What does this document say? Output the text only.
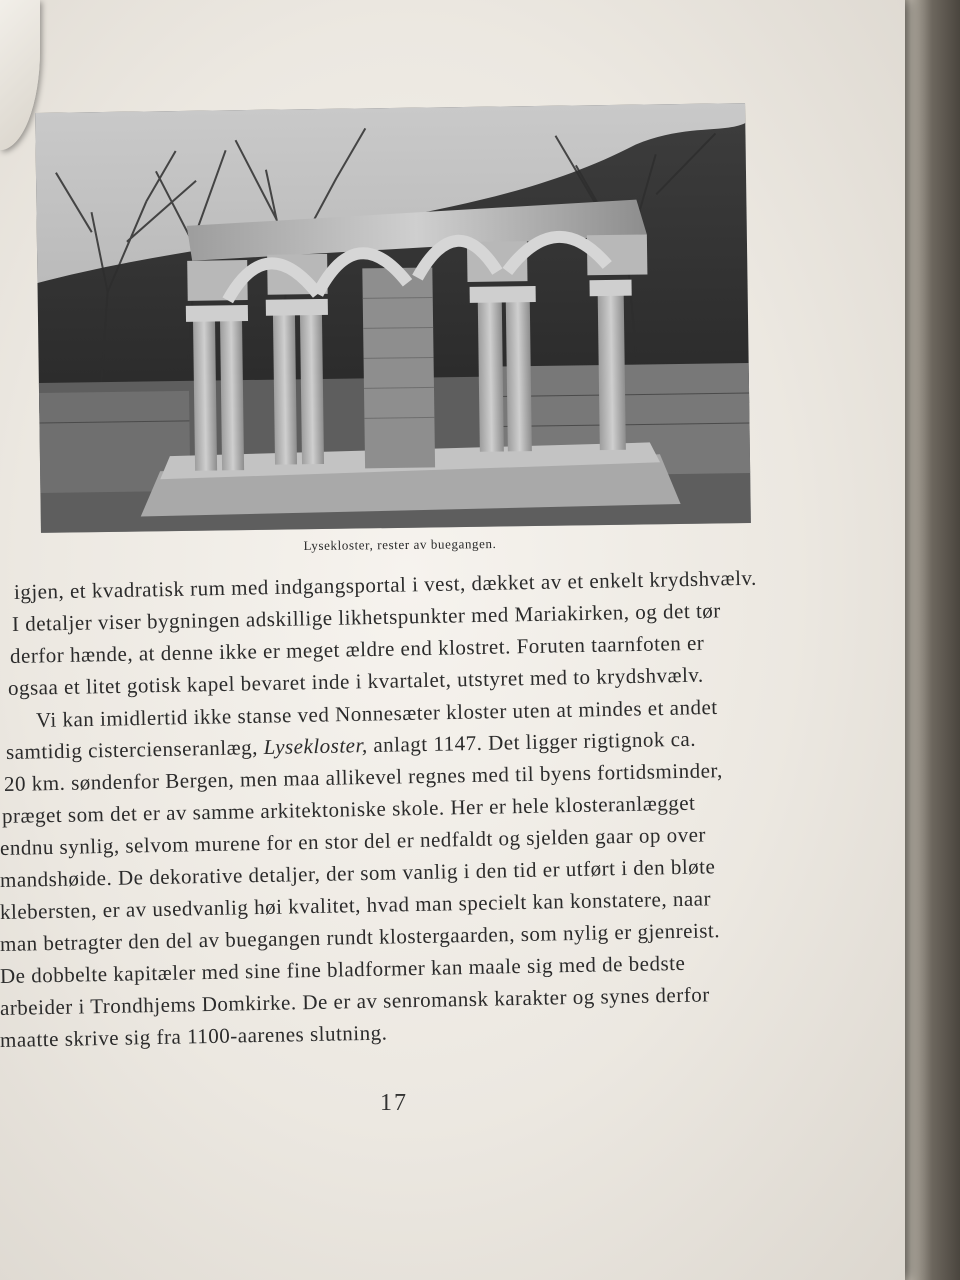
Lysekloster, rester av buegangen.
igjen, et kvadratisk rum med indgangsportal i vest, dækket av et enkelt krydshvælv.
I detaljer viser bygningen adskillige likhetspunkter med Mariakirken, og det tør
derfor hænde, at denne ikke er meget ældre end klostret. Foruten taarnfoten er
ogsaa et litet gotisk kapel bevaret inde i kvartalet, utstyret med to krydshvælv.
Vi kan imidlertid ikke stanse ved Nonnesæter kloster uten at mindes et andet
samtidig cistercienseranlæg, Lysekloster, anlagt 1147. Det ligger rigtignok ca.
20 km. søndenfor Bergen, men maa allikevel regnes med til byens fortidsminder,
præget som det er av samme arkitektoniske skole. Her er hele klosteranlægget
endnu synlig, selvom murene for en stor del er nedfaldt og sjelden gaar op over
mandshøide. De dekorative detaljer, der som vanlig i den tid er utført i den bløte
klebersten, er av usedvanlig høi kvalitet, hvad man specielt kan konstatere, naar
man betragter den del av buegangen rundt klostergaarden, som nylig er gjenreist.
De dobbelte kapitæler med sine fine bladformer kan maale sig med de bedste
arbeider i Trondhjems Domkirke. De er av senromansk karakter og synes derfor
maatte skrive sig fra 1100-aarenes slutning.
17
